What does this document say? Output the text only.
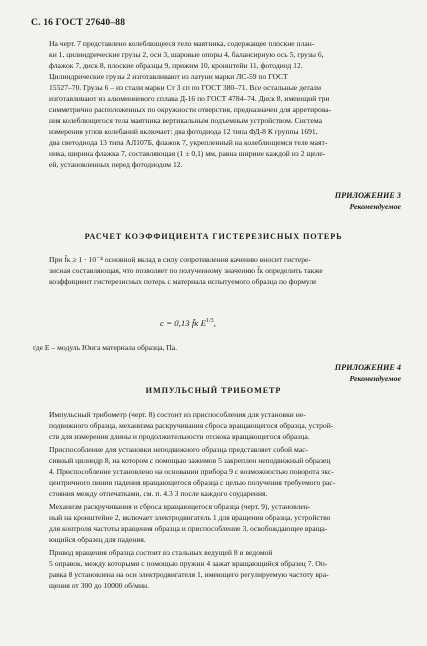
С. 16 ГОСТ 27640–88
На черт. 7 представлено колеблющееся тело маятника, содержащее плоские план-
ки 1, цилиндрические грузы 2, оси 3, шаровые опоры 4, балансирную ось 5, грузы 6,
флажок 7, диск 8, плоские образцы 9, прижим 10, кронштейн 11, фотодиод 12.
Цилиндрические грузы 2 изготавливают из латуни марки ЛС-59 по ГОСТ
15527–70. Грузы 6 – из стали марки Ст 3 сп по ГОСТ 380–71. Все остальные детали
изготавливают из алюминиевого сплава Д-16 по ГОСТ 4784–74. Диск 8, имеющий три
симметрично расположенных по окружности отверстия, предназначен для арретирова-
ния колеблющегося тела маятника вертикальным подъемным устройством. Система
измерения углов колебаний включает: два фотодиода 12 типа ФД-8 К группы 1691,
два светодиода 13 типа АЛ107Б, флажок 7, укрепленный на колеблющемся теле маят-
ника, ширина флажка 7, составляющая (1 ± 0,1) мм, равна ширине каждой из 2 щеле-
ей, установленных перед фотодиодом 12.
ПРИЛОЖЕНИЕ 3
Рекомендуемое
РАСЧЕТ КОЭФФИЦИЕНТА ГИСТЕРЕЗИСНЫХ ПОТЕРЬ
При f̄к ≥ 1 · 10⁻⁴ основной вклад в силу сопротивления качению вносит гистере-
зисная составляющая, что позволяет по полученному значению f̄к определить также
коэффициент гистерезисных потерь c материала испытуемого образца по формуле
c = 0,13 f̄к $E^{1/3}$,
где E – модуль Юнга материала образца, Па.
ПРИЛОЖЕНИЕ 4
Рекомендуемое
ИМПУЛЬСНЫЙ ТРИБОМЕТР
Импульсный трибометр (черт. 8) состоит из приспособления для установки не-
подвижного образца, механизма раскручивания сброса вращающегося образца, устрой-
ств для измерения длины и продолжительности отскока вращающегося образца.
Приспособление для установки неподвижного образца представляет собой мас-
сивный цилиндр 8, на котором с помощью зажимов 5 закреплен неподвижный образец
4. Приспособление установлено на основании прибора 9 с возможностью поворота экс-
центричного пинии падения вращающегося образца с целью получения требуемого рас-
стояния между отпечатками, см. п. 4.3 3 после каждого соударения.
Механизм раскручивания и сброса вращающегося образца (черт. 9), установлен-
ный на кронштейне 2, включает электродвигатель 1 для вращения образца, устройство
для контроля частоты вращения образца и приспособление 3, освобождающее враща-
ющийся образец для падения.
Привод вращения образца состоит из стальных ведущей 8 и ведомой
5 оправок, между которыми с помощью пружин 4 зажат вращающийся образец 7. Оп-
равка 8 установлена на оси электродвигателя 1, имеющего регулируемую частоту вра-
щения от 300 до 10000 об/мин.
